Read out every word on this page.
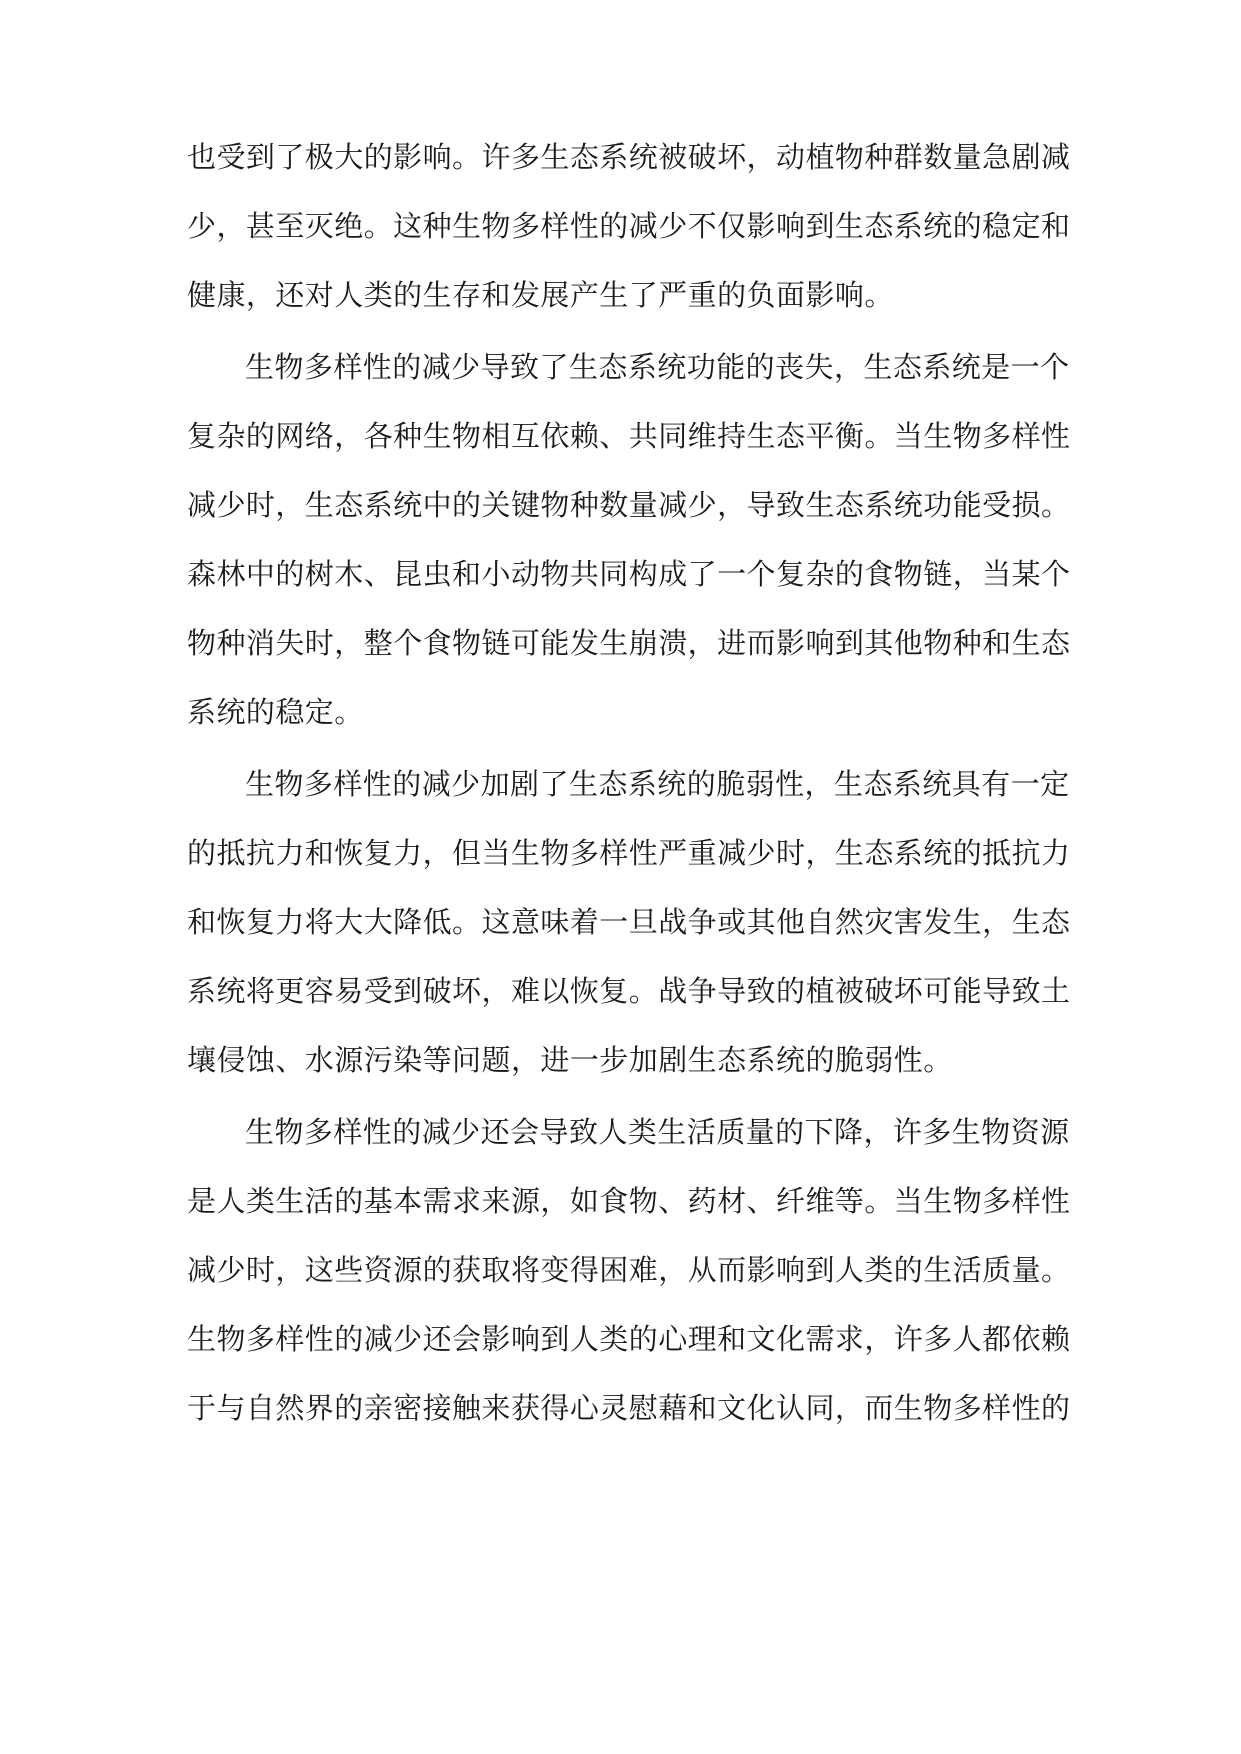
也受到了极大的影响。许多生态系统被破坏，动植物种群数量急剧减

少，甚至灭绝。这种生物多样性的减少不仅影响到生态系统的稳定和

健康，还对人类的生存和发展产生了严重的负面影响。

生物多样性的减少导致了生态系统功能的丧失，生态系统是一个

复杂的网络，各种生物相互依赖、共同维持生态平衡。当生物多样性

减少时，生态系统中的关键物种数量减少，导致生态系统功能受损。

森林中的树木、昆虫和小动物共同构成了一个复杂的食物链，当某个

物种消失时，整个食物链可能发生崩溃，进而影响到其他物种和生态

系统的稳定。

生物多样性的减少加剧了生态系统的脆弱性，生态系统具有一定

的抵抗力和恢复力，但当生物多样性严重减少时，生态系统的抵抗力

和恢复力将大大降低。这意味着一旦战争或其他自然灾害发生，生态

系统将更容易受到破坏，难以恢复。战争导致的植被破坏可能导致土

壤侵蚀、水源污染等问题，进一步加剧生态系统的脆弱性。

生物多样性的减少还会导致人类生活质量的下降，许多生物资源

是人类生活的基本需求来源，如食物、药材、纤维等。当生物多样性

减少时，这些资源的获取将变得困难，从而影响到人类的生活质量。

生物多样性的减少还会影响到人类的心理和文化需求，许多人都依赖

于与自然界的亲密接触来获得心灵慰藉和文化认同，而生物多样性的
